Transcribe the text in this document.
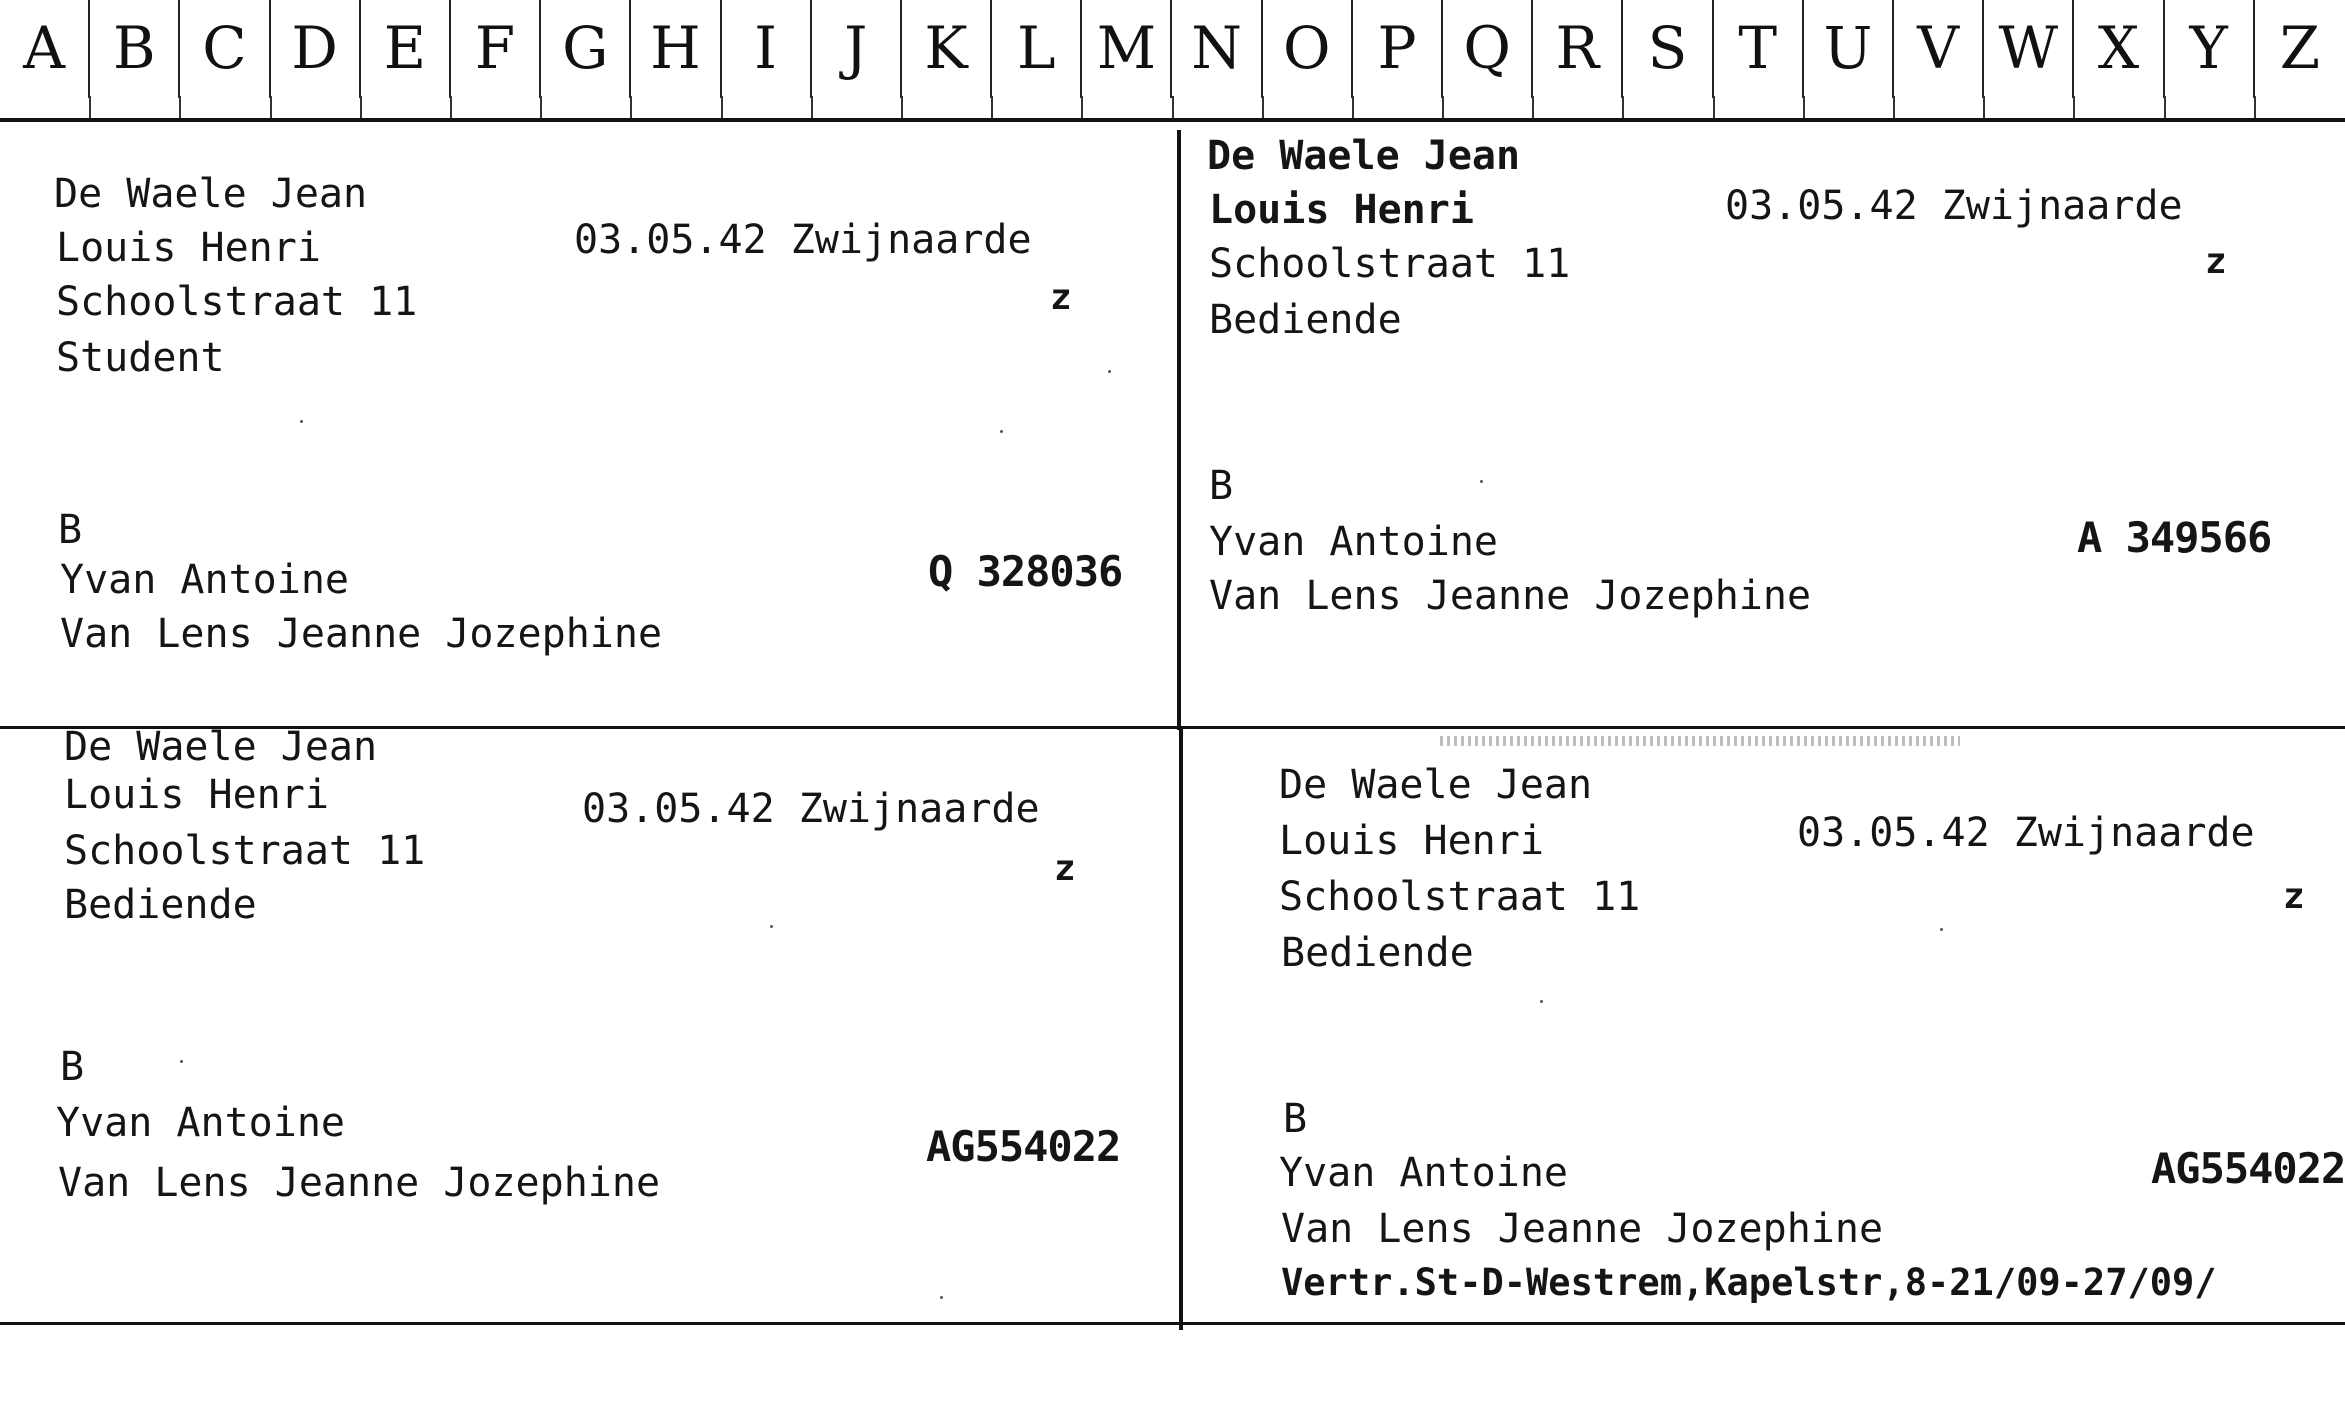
A B C D E F G H I	J K L M N O P Q R S T U V W X Y Z

De Waele Jean

Louis Henri

	03.05.42 Zwijnaarde

Schoolstraat 11

	z

Student

B

Yvan Antoine

	Q 328036

Van Lens Jeanne Jozephine

De Waele Jean

Louis Henri

	03.05.42 Zwijnaarde

Schoolstraat 11

	z

Bediende

B

Yvan Antoine

	A 349566

Van Lens Jeanne Jozephine

De Waele Jean

Louis Henri

	03.05.42 Zwijnaarde

Schoolstraat 11

	z

Bediende

B

Yvan Antoine

	AG554022

Van Lens Jeanne Jozephine

De Waele Jean

Louis Henri

	03.05.42 Zwijnaarde

Schoolstraat 11

	z

Bediende

B

Yvan Antoine

	AG554022

Van Lens Jeanne Jozephine

Vertr.St-D-Westrem,Kapelstr,8-21/09-27/09/
